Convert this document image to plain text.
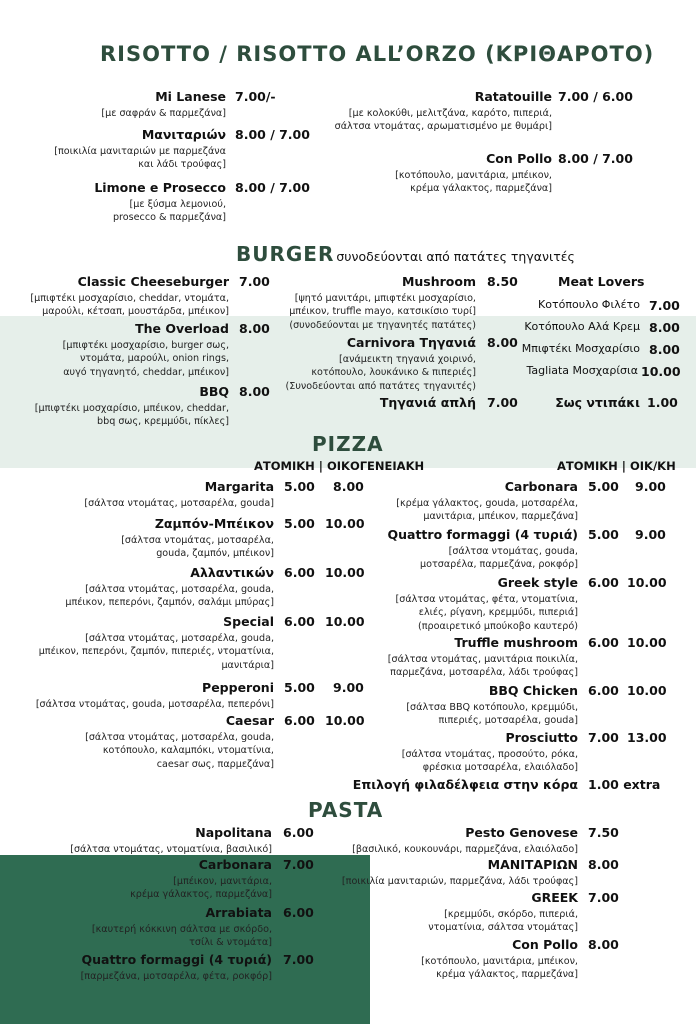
RISOTTO / RISOTTO ALL’ORZO (ΚΡΙΘΑΡΟΤΟ)
Mi Lanese 7.00/-
[με σαφράν & παρμεζάνα]
Μανιταριών 8.00 / 7.00
[ποικιλία μανιταριών με παρμεζάνα
και λάδι τρούφας]
Limone e Prosecco 8.00 / 7.00
[με ξύσμα λεμονιού,
prosecco & παρμεζάνα]
Ratatouille 7.00 / 6.00
[με κολοκύθι, μελιτζάνα, καρότο, πιπεριά,
σάλτσα ντομάτας, αρωματισμένο με θυμάρι]
Con Pollo 8.00 / 7.00
[κοτόπουλο, μανιτάρια, μπέικον,
κρέμα γάλακτος, παρμεζάνα]
BURGER συνοδεύονται από πατάτες τηγανιτές
Classic Cheeseburger 7.00
[μπιφτέκι μοσχαρίσιο, cheddar, ντομάτα,
μαρούλι, κέτσαπ, μουστάρδα, μπέικον]
The Overload 8.00
[μπιφτέκι μοσχαρίσιο, burger σως,
ντομάτα, μαρούλι, onion rings,
αυγό τηγανητό, cheddar, μπέικον]
BBQ 8.00
[μπιφτέκι μοσχαρίσιο, μπέικον, cheddar,
bbq σως, κρεμμύδι, πίκλες]
Mushroom 8.50
[ψητό μανιτάρι, μπιφτέκι μοσχαρίσιο,
μπέικον, truffle mayo, κατσικίσιο τυρί]
(συνοδεύονται με τηγανητές πατάτες)
Carnivora Τηγανιά 8.00
[ανάμεικτη τηγανιά χοιρινό,
κοτόπουλο, λουκάνικο & πιπεριές]
(Συνοδεύονται από πατάτες τηγανιτές)
Τηγανιά απλή 7.00
Meat Lovers
Κοτόπουλο Φιλέτο 7.00
Κοτόπουλο Αλά Κρεμ 8.00
Μπιφτέκι Μοσχαρίσιο 8.00
Tagliata Μοσχαρίσια 10.00
Σως ντιπάκι 1.00
PIZZA
ΑΤΟΜΙΚΗ | ΟΙΚΟΓΕΝΕΙΑΚΗ	ΑΤΟΜΙΚΗ | ΟΙΚ/ΚΗ
Margarita 5.00 8.00
[σάλτσα ντομάτας, μοτσαρέλα, gouda]
Ζαμπόν-Μπέικον 5.00 10.00
[σάλτσα ντομάτας, μοτσαρέλα,
gouda, ζαμπόν, μπέικον]
Αλλαντικών 6.00 10.00
[σάλτσα ντομάτας, μοτσαρέλα, gouda,
μπέικον, πεπερόνι, ζαμπόν, σαλάμι μπύρας]
Special 6.00 10.00
[σάλτσα ντομάτας, μοτσαρέλα, gouda,
μπέικον, πεπερόνι, ζαμπόν, πιπεριές, ντοματίνια,
μανιτάρια]
Pepperoni 5.00 9.00
[σάλτσα ντομάτας, gouda, μοτσαρέλα, πεπερόνι]
Caesar 6.00 10.00
[σάλτσα ντομάτας, μοτσαρέλα, gouda,
κοτόπουλο, καλαμπόκι, ντοματίνια,
caesar σως, παρμεζάνα]
Carbonara 5.00 9.00
[κρέμα γάλακτος, gouda, μοτσαρέλα,
μανιτάρια, μπέικον, παρμεζάνα]
Quattro formaggi (4 τυριά) 5.00 9.00
[σάλτσα ντομάτας, gouda,
μοτσαρέλα, παρμεζάνα, ροκφόρ]
Greek style 6.00 10.00
[σάλτσα ντομάτας, φέτα, ντοματίνια,
ελιές, ρίγανη, κρεμμύδι, πιπεριά]
(προαιρετικό μπούκοβο καυτερό)
Truffle mushroom 6.00 10.00
[σάλτσα ντομάτας, μανιτάρια ποικιλία,
παρμεζάνα, μοτσαρέλα, λάδι τρούφας]
BBQ Chicken 6.00 10.00
[σάλτσα BBQ κοτόπουλο, κρεμμύδι,
πιπεριές, μοτσαρέλα, gouda]
Prosciutto 7.00 13.00
[σάλτσα ντομάτας, προσούτο, ρόκα,
φρέσκια μοτσαρέλα, ελαιόλαδο]
Επιλογή φιλαδέλφεια στην κόρα 1.00 extra
PASTA
Napolitana 6.00
[σάλτσα ντομάτας, ντοματίνια, βασιλικό]
Carbonara 7.00
[μπέικον, μανιτάρια,
κρέμα γάλακτος, παρμεζάνα]
Arrabiata 6.00
[καυτερή κόκκινη σάλτσα με σκόρδο,
τσίλι & ντομάτα]
Quattro formaggi (4 τυριά) 7.00
[παρμεζάνα, μοτσαρέλα, φέτα, ροκφόρ]
Pesto Genovese 7.50
[βασιλικό, κουκουνάρι, παρμεζάνα, ελαιόλαδο]
ΜΑΝΙΤΑΡΙΩΝ 8.00
[ποικιλία μανιταριών, παρμεζάνα, λάδι τρούφας]
GREEK 7.00
[κρεμμύδι, σκόρδο, πιπεριά,
ντοματίνια, σάλτσα ντομάτας]
Con Pollo 8.00
[κοτόπουλο, μανιτάρια, μπέικον,
κρέμα γάλακτος, παρμεζάνα]
